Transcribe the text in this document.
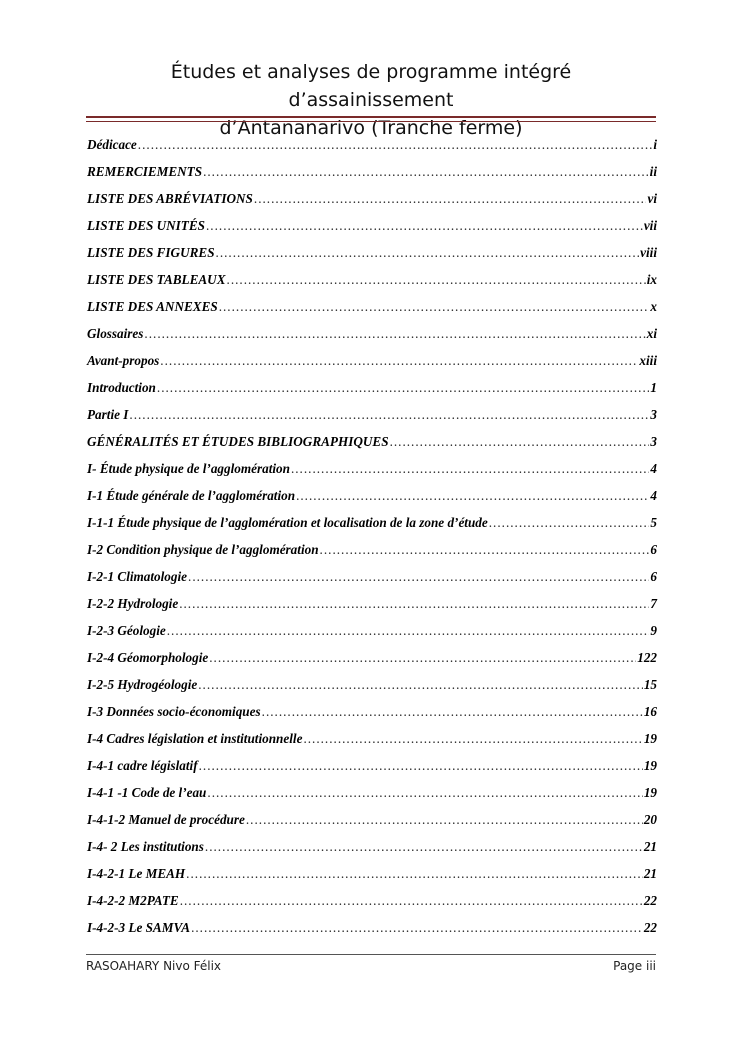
Études et analyses de programme intégré d’assainissement
d’Antananarivo (Tranche ferme)
Dédicace .....	i
REMERCIEMENTS .....	ii
LISTE DES ABRÉVIATIONS .....	vi
LISTE DES UNITÉS .....	vii
LISTE DES FIGURES .....	viii
LISTE DES TABLEAUX .....	ix
LISTE DES ANNEXES .....	x
Glossaires .....	xi
Avant-propos .....	xiii
Introduction .....	1
Partie I .....	3
GÉNÉRALITÉS ET ÉTUDES BIBLIOGRAPHIQUES .....	3
I- Étude physique de l’agglomération .....	4
I-1 Étude générale de l’agglomération .....	4
I-1-1 Étude physique de l’agglomération et localisation de la zone d’étude .....	5
I-2 Condition physique de l’agglomération .....	6
I-2-1 Climatologie .....	6
I-2-2 Hydrologie .....	7
I-2-3 Géologie .....	9
I-2-4 Géomorphologie .....	122
I-2-5 Hydrogéologie .....	15
I-3 Données socio-économiques .....	16
I-4 Cadres législation et institutionnelle .....	19
I-4-1 cadre législatif .....	19
I-4-1 -1 Code de l’eau .....	19
I-4-1-2 Manuel de procédure .....	20
I-4- 2 Les institutions .....	21
I-4-2-1 Le MEAH .....	21
I-4-2-2 M2PATE .....	22
I-4-2-3 Le SAMVA .....	22
RASOAHARY Nivo Félix	Page iii
